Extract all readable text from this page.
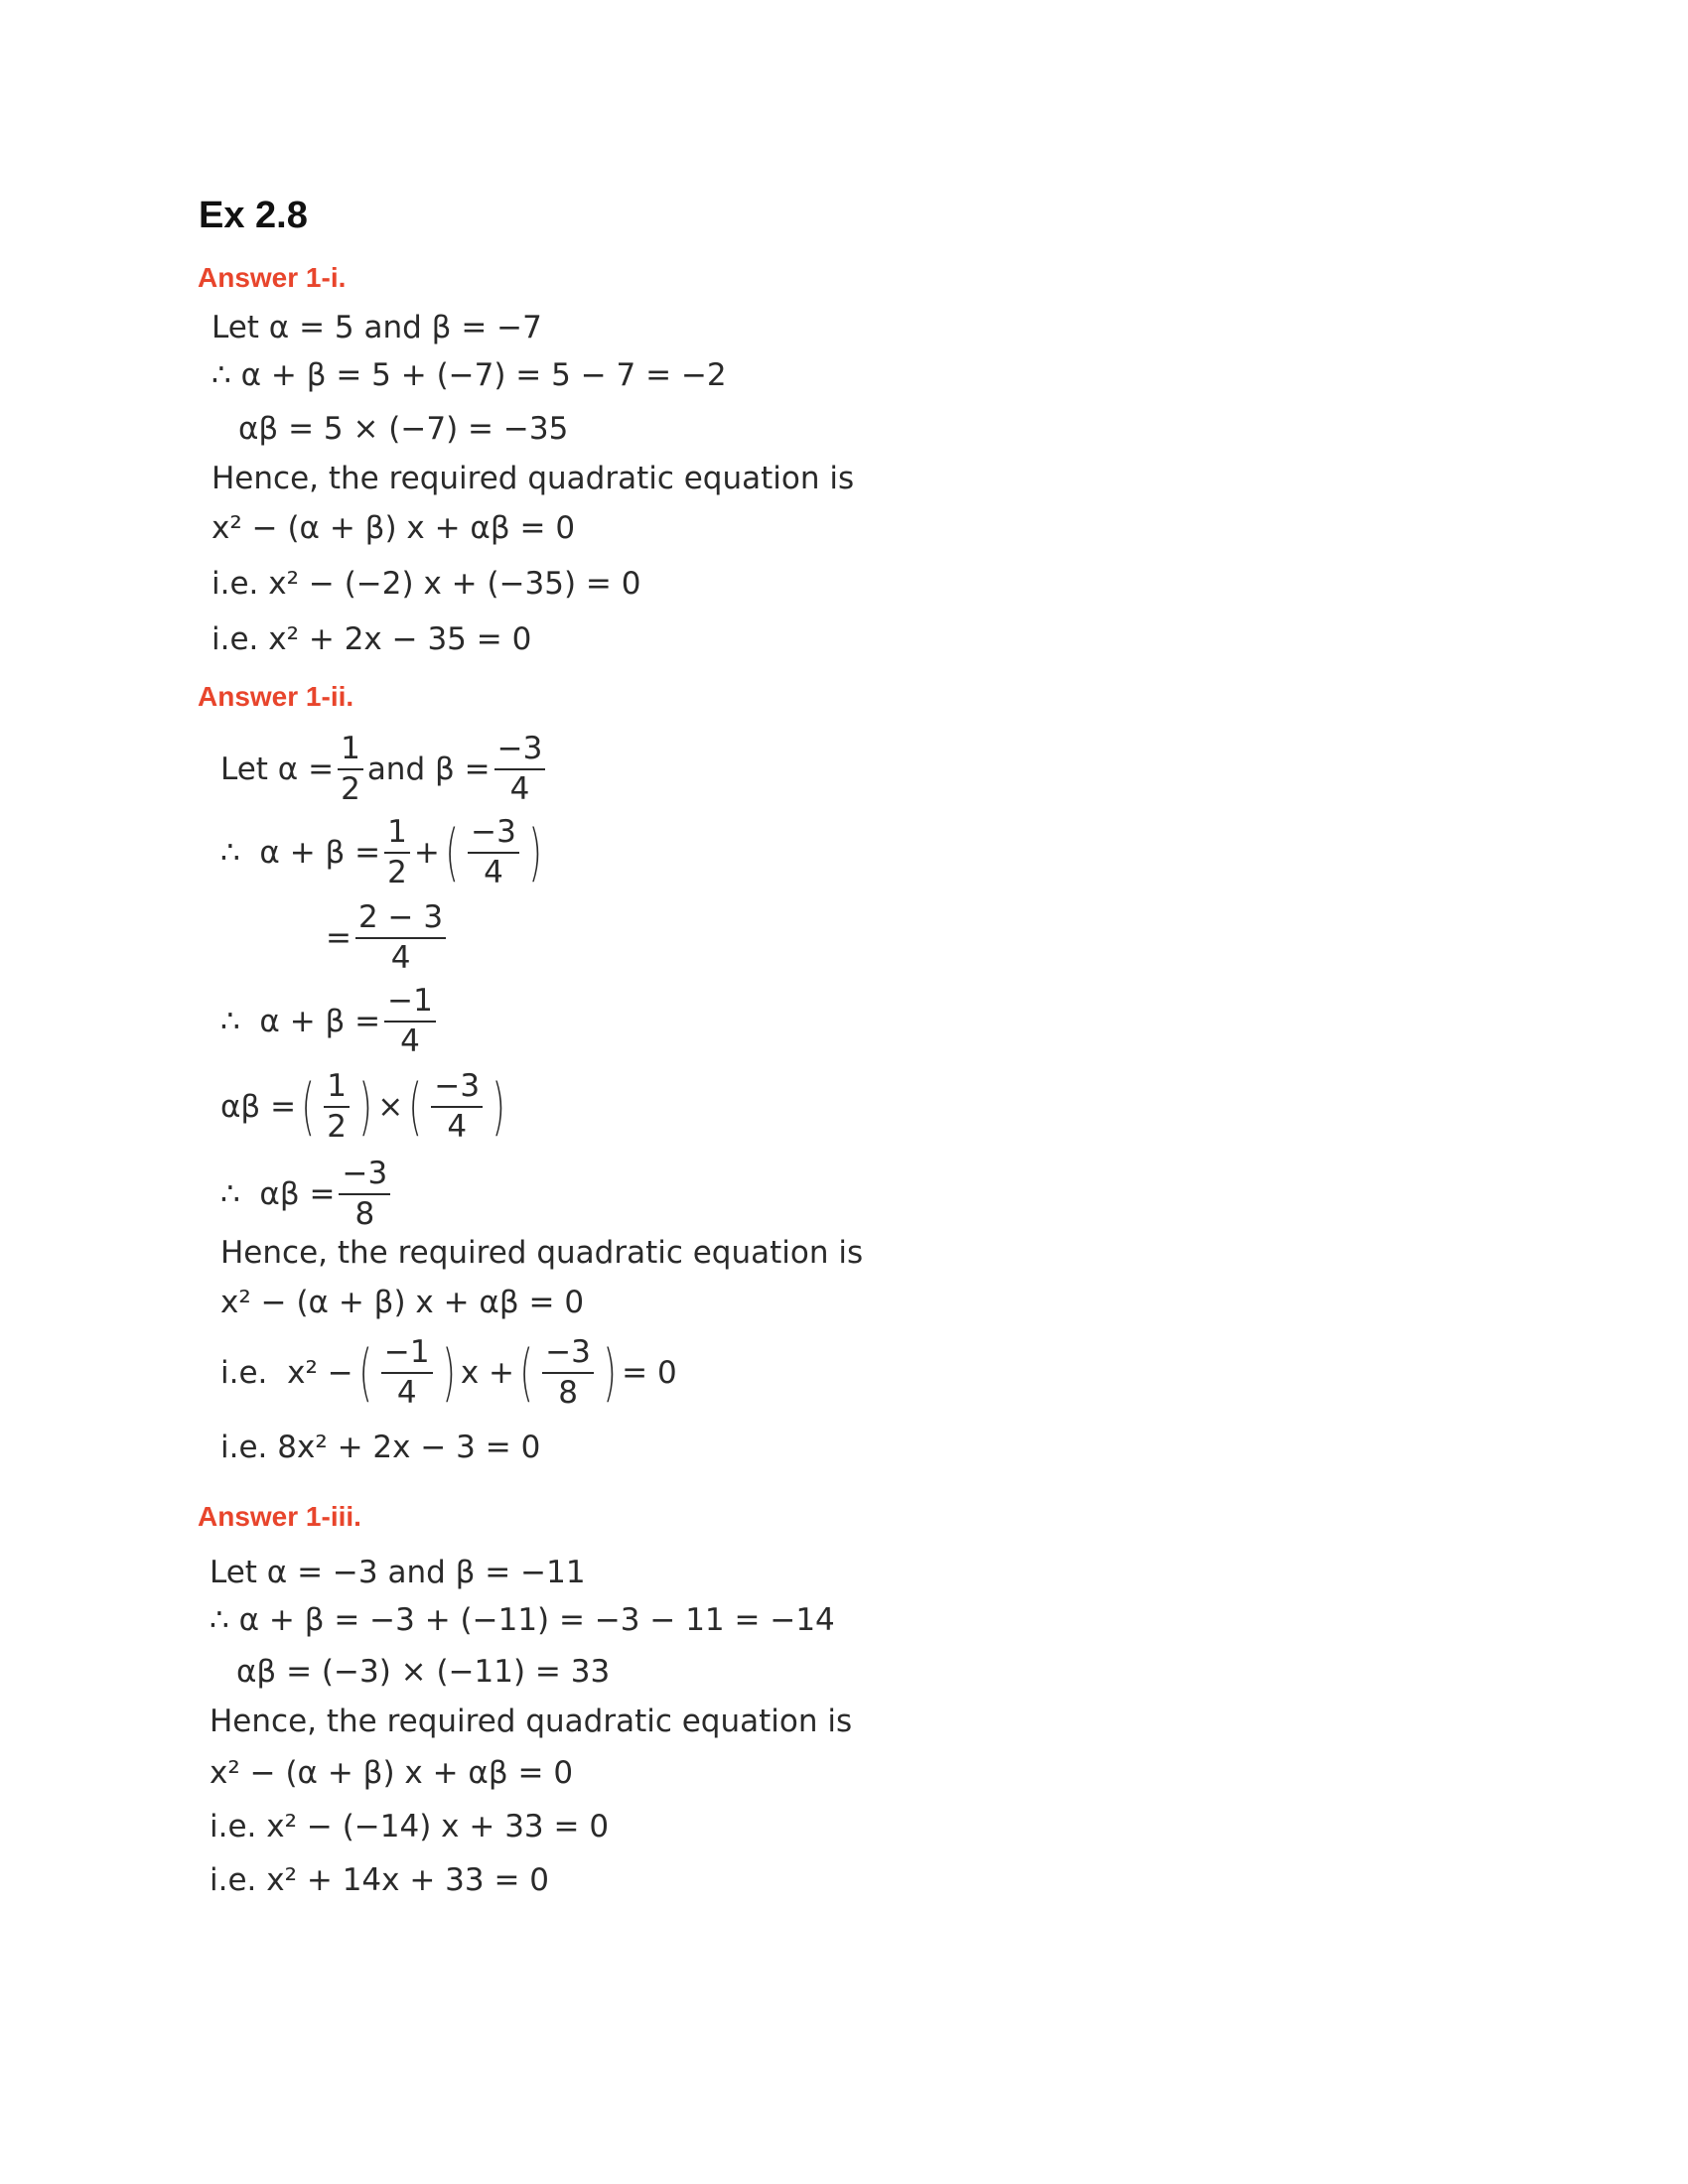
Ex 2.8
Answer 1-i.
Let α = 5 and β = −7
∴ α + β = 5 + (−7) = 5 − 7 = −2
αβ = 5 × (−7) = −35
Hence, the required quadratic equation is
x² − (α + β) x + αβ = 0
i.e. x² − (−2) x + (−35) = 0
i.e. x² + 2x − 35 = 0
Answer 1-ii.
Let $\alpha = \frac{1}{2}$ and $\beta = \frac{-3}{4}$
∴  $\alpha + \beta = \frac{1}{2}$ + ( $\frac{-3}{4}$ )
= $\frac{2 - 3}{4}$
∴  $\alpha + \beta = \frac{-1}{4}$
αβ = ( $\frac{1}{2}$ ) × ( $\frac{-3}{4}$ )
∴  $\alpha\beta = \frac{-3}{8}$
Hence, the required quadratic equation is
x² − (α + β) x + αβ = 0
i.e.  x² − ( $\frac{-1}{4}$ ) x + ( $\frac{-3}{8}$ ) = 0
i.e. 8x² + 2x − 3 = 0
Answer 1-iii.
Let α = −3 and β = −11
∴ α + β = −3 + (−11) = −3 − 11 = −14
αβ = (−3) × (−11) = 33
Hence, the required quadratic equation is
x² − (α + β) x + αβ = 0
i.e. x² − (−14) x + 33 = 0
i.e. x² + 14x + 33 = 0
